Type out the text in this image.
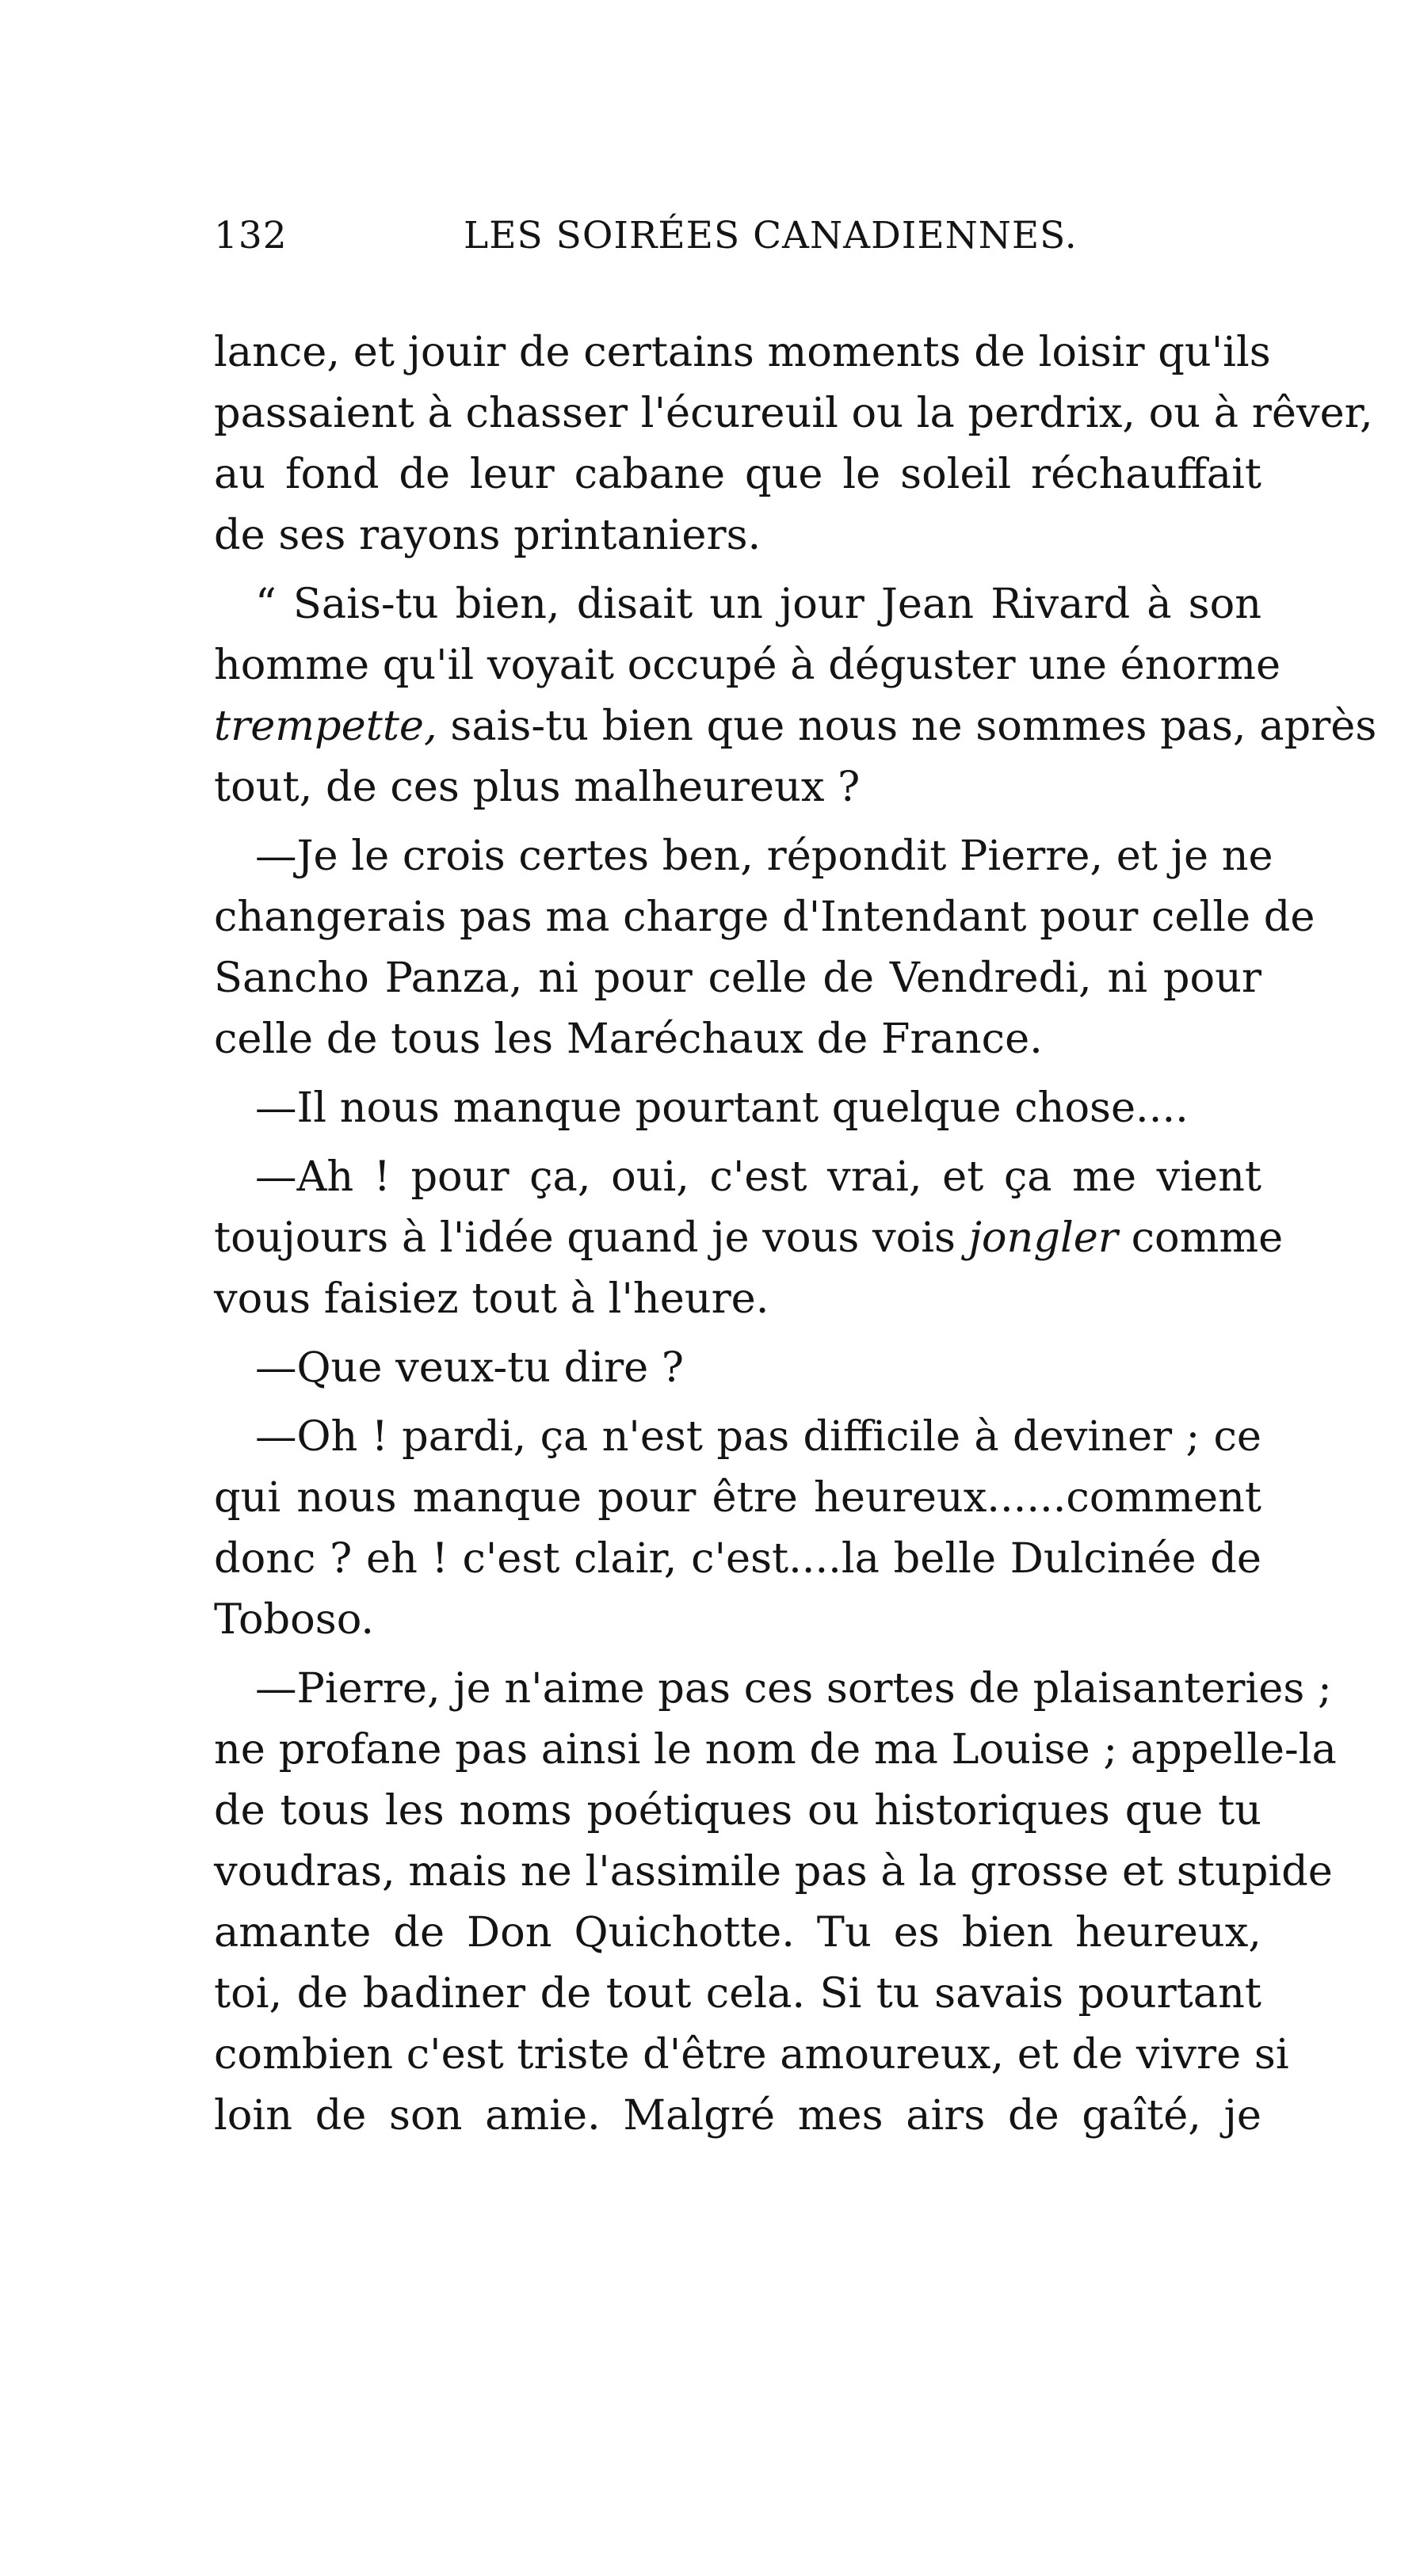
132	LES SOIRÉES CANADIENNES.
lance, et jouir de certains moments de loisir qu'ils
passaient à chasser l'écureuil ou la perdrix, ou à rêver,
au fond de leur cabane que le soleil réchauffait
de ses rayons printaniers.
“ Sais-tu bien, disait un jour Jean Rivard à son
homme qu'il voyait occupé à déguster une énorme
trempette, sais-tu bien que nous ne sommes pas, après
tout, de ces plus malheureux ?
—Je le crois certes ben, répondit Pierre, et je ne
changerais pas ma charge d'Intendant pour celle de
Sancho Panza, ni pour celle de Vendredi, ni pour
celle de tous les Maréchaux de France.
—Il nous manque pourtant quelque chose....
—Ah ! pour ça, oui, c'est vrai, et ça me vient
toujours à l'idée quand je vous vois jongler comme
vous faisiez tout à l'heure.
—Que veux-tu dire ?
—Oh ! pardi, ça n'est pas difficile à deviner ; ce
qui nous manque pour être heureux......comment
donc ? eh ! c'est clair, c'est....la belle Dulcinée de
Toboso.
—Pierre, je n'aime pas ces sortes de plaisanteries ;
ne profane pas ainsi le nom de ma Louise ; appelle-la
de tous les noms poétiques ou historiques que tu
voudras, mais ne l'assimile pas à la grosse et stupide
amante de Don Quichotte. Tu es bien heureux,
toi, de badiner de tout cela. Si tu savais pourtant
combien c'est triste d'être amoureux, et de vivre si
loin de son amie. Malgré mes airs de gaîté, je
